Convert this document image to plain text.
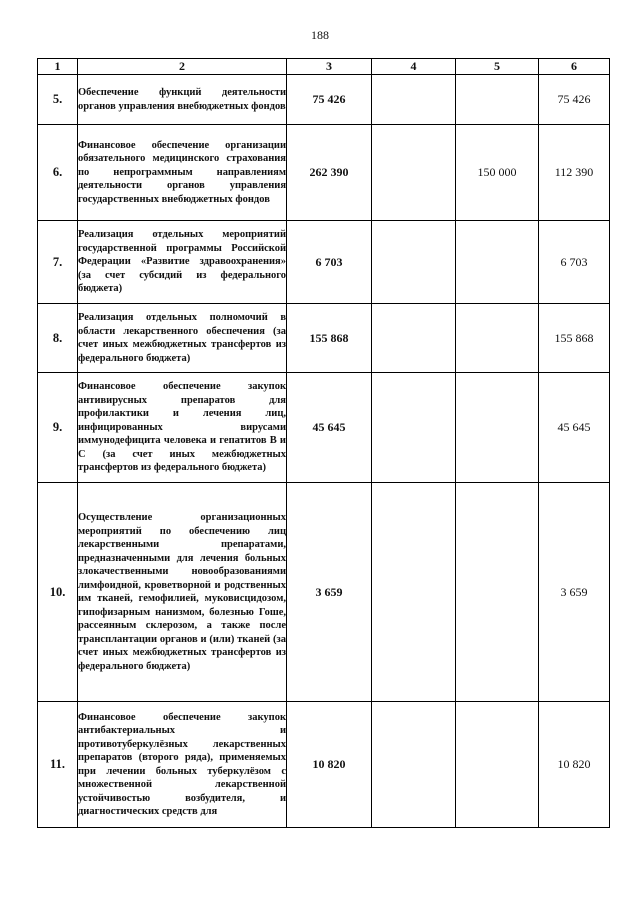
188
1	2	3	4	5	6
5.	Обеспечение функций деятельности органов управления внебюджетных фондов	75 426			75 426
6.	Финансовое обеспечение организации обязательного медицинского страхования по непрограммным направлениям деятельности органов управления государственных внебюджетных фондов	262 390		150 000	112 390
7.	Реализация отдельных мероприятий государственной программы Российской Федерации «Развитие здравоохранения» (за счет субсидий из федерального бюджета)	6 703			6 703
8.	Реализация отдельных полномочий в области лекарственного обеспечения (за счет иных межбюджетных трансфертов из федерального бюджета)	155 868			155 868
9.	Финансовое обеспечение закупок антивирусных препаратов для профилактики и лечения лиц, инфицированных вирусами иммунодефицита человека и гепатитов В и С (за счет иных межбюджетных трансфертов из федерального бюджета)	45 645			45 645
10.	Осуществление организационных мероприятий по обеспечению лиц лекарственными препаратами, предназначенными для лечения больных злокачественными новообразованиями лимфоидной, кроветворной и родственных им тканей, гемофилией, муковисцидозом, гипофизарным нанизмом, болезнью Гоше, рассеянным склерозом, а также после трансплантации органов и (или) тканей (за счет иных межбюджетных трансфертов из федерального бюджета)	3 659			3 659
11.	Финансовое обеспечение закупок антибактериальных и противотуберкулёзных лекарственных препаратов (второго ряда), применяемых при лечении больных туберкулёзом с множественной лекарственной устойчивостью возбудителя, и диагностических средств для	10 820			10 820
